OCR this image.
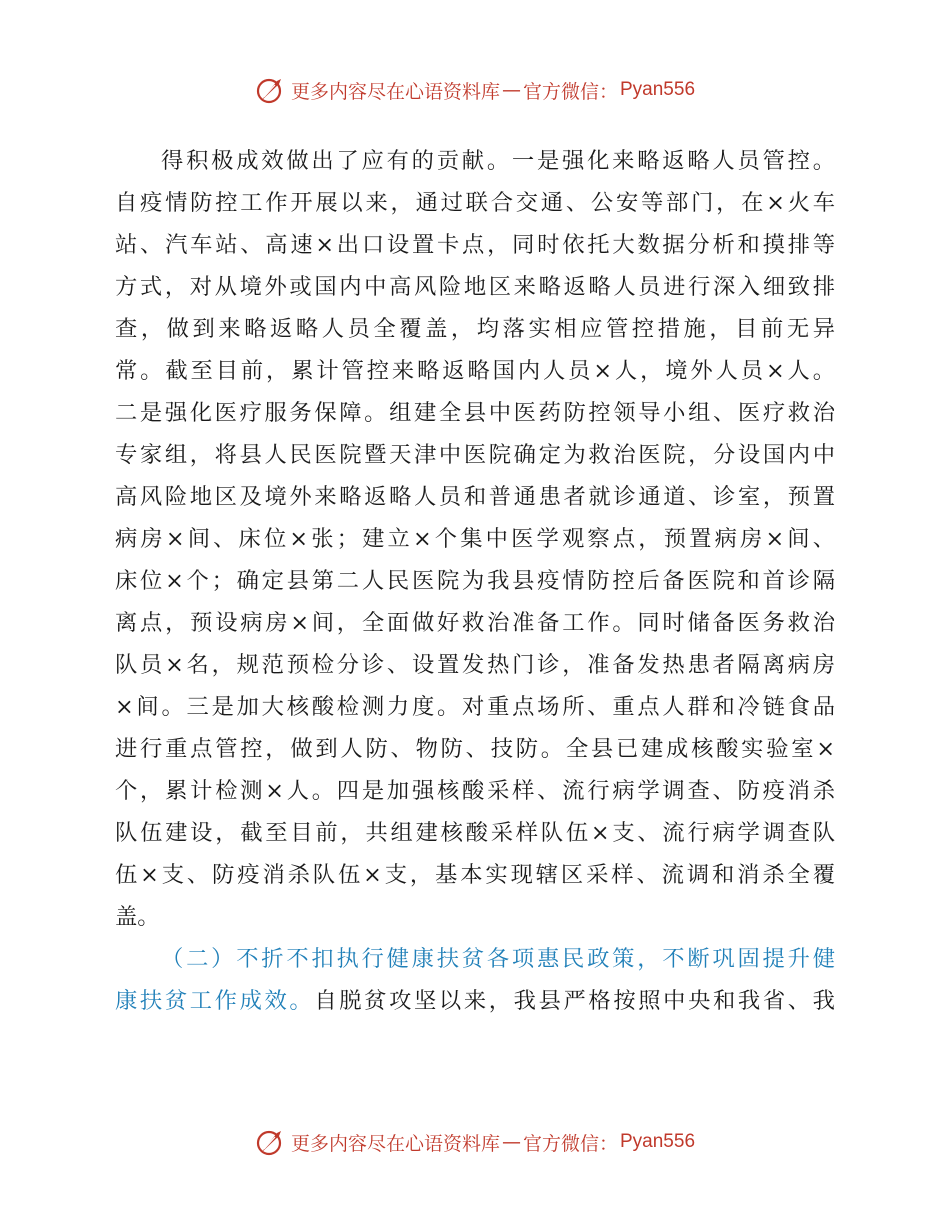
更多内容尽在心语资料库 — 官方微信： Pyan556
得积极成效做出了应有的贡献。一是强化来略返略人员管控。
自疫情防控工作开展以来，通过联合交通、公安等部门，在×火车
站、汽车站、高速×出口设置卡点，同时依托大数据分析和摸排等
方式，对从境外或国内中高风险地区来略返略人员进行深入细致排
查，做到来略返略人员全覆盖，均落实相应管控措施，目前无异
常。截至目前，累计管控来略返略国内人员×人，境外人员×人。
二是强化医疗服务保障。组建全县中医药防控领导小组、医疗救治
专家组，将县人民医院暨天津中医院确定为救治医院，分设国内中
高风险地区及境外来略返略人员和普通患者就诊通道、诊室，预置
病房×间、床位×张；建立×个集中医学观察点，预置病房×间、
床位×个；确定县第二人民医院为我县疫情防控后备医院和首诊隔
离点，预设病房×间，全面做好救治准备工作。同时储备医务救治
队员×名，规范预检分诊、设置发热门诊，准备发热患者隔离病房
×间。三是加大核酸检测力度。对重点场所、重点人群和冷链食品
进行重点管控，做到人防、物防、技防。全县已建成核酸实验室×
个，累计检测×人。四是加强核酸采样、流行病学调查、防疫消杀
队伍建设，截至目前，共组建核酸采样队伍×支、流行病学调查队
伍×支、防疫消杀队伍×支，基本实现辖区采样、流调和消杀全覆
盖。
（二）不折不扣执行健康扶贫各项惠民政策，不断巩固提升健
康扶贫工作成效。自脱贫攻坚以来，我县严格按照中央和我省、我
更多内容尽在心语资料库 — 官方微信： Pyan556
